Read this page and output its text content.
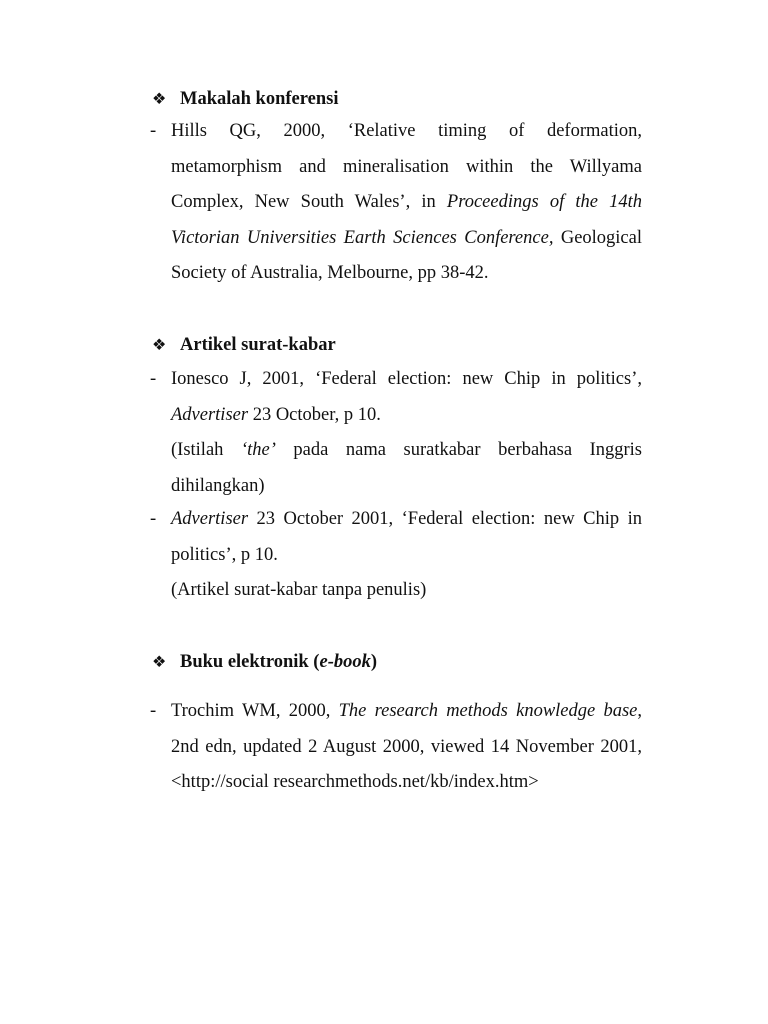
❖ Makalah konferensi
- Hills QG, 2000, ‘Relative timing of deformation, metamorphism and mineralisation within the Willyama Complex, New South Wales’, in Proceedings of the 14th Victorian Universities Earth Sciences Conference, Geological Society of Australia, Melbourne, pp 38-42.
❖ Artikel surat-kabar
- Ionesco J, 2001, ‘Federal election: new Chip in politics’, Advertiser 23 October, p 10.
(Istilah ‘the’ pada nama suratkabar berbahasa Inggris dihilangkan)
- Advertiser 23 October 2001, ‘Federal election: new Chip in politics’, p 10.
(Artikel surat-kabar tanpa penulis)
❖ Buku elektronik (e-book)
- Trochim WM, 2000, The research methods knowledge base, 2nd edn, updated 2 August 2000, viewed 14 November 2001, <http://social researchmethods.net/kb/index.htm>
